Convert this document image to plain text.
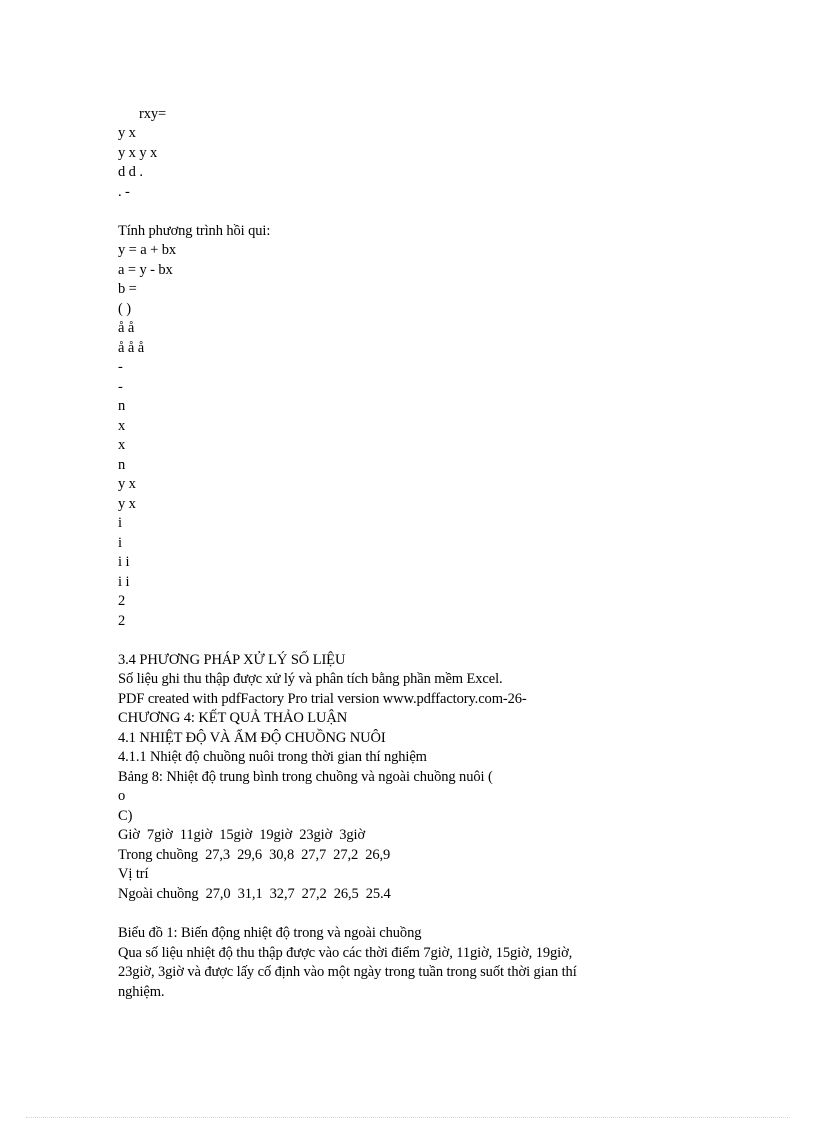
rxy=
y x
y x y x
d d .
. -
Tính phương trình hồi qui:
y = a + bx
a = y - bx
b =
( )
å å
å å å
-
-
n
x
x
n
y x
y x
i
i
i i
i i
2
2
3.4 PHƯƠNG PHÁP XỬ LÝ SỐ LIỆU
Số liệu ghi thu thập được xử lý và phân tích bằng phần mềm Excel.
PDF created with pdfFactory Pro trial version www.pdffactory.com-26-
CHƯƠNG 4: KẾT QUẢ THẢO LUẬN
4.1 NHIỆT ĐỘ VÀ ẨM ĐỘ CHUỒNG NUÔI
4.1.1 Nhiệt độ chuồng nuôi trong thời gian thí nghiệm
Bảng 8: Nhiệt độ trung bình trong chuồng và ngoài chuồng nuôi (
o
C)
Giờ  7giờ  11giờ  15giờ  19giờ  23giờ  3giờ
Trong chuồng  27,3  29,6  30,8  27,7  27,2  26,9
Vị trí
Ngoài chuồng  27,0  31,1  32,7  27,2  26,5  25.4
Biểu đồ 1: Biến động nhiệt độ trong và ngoài chuồng
Qua số liệu nhiệt độ thu thập được vào các thời điểm 7giờ, 11giờ, 15giờ, 19giờ,
23giờ, 3giờ và được lấy cố định vào một ngày trong tuần trong suốt thời gian thí
nghiệm.
